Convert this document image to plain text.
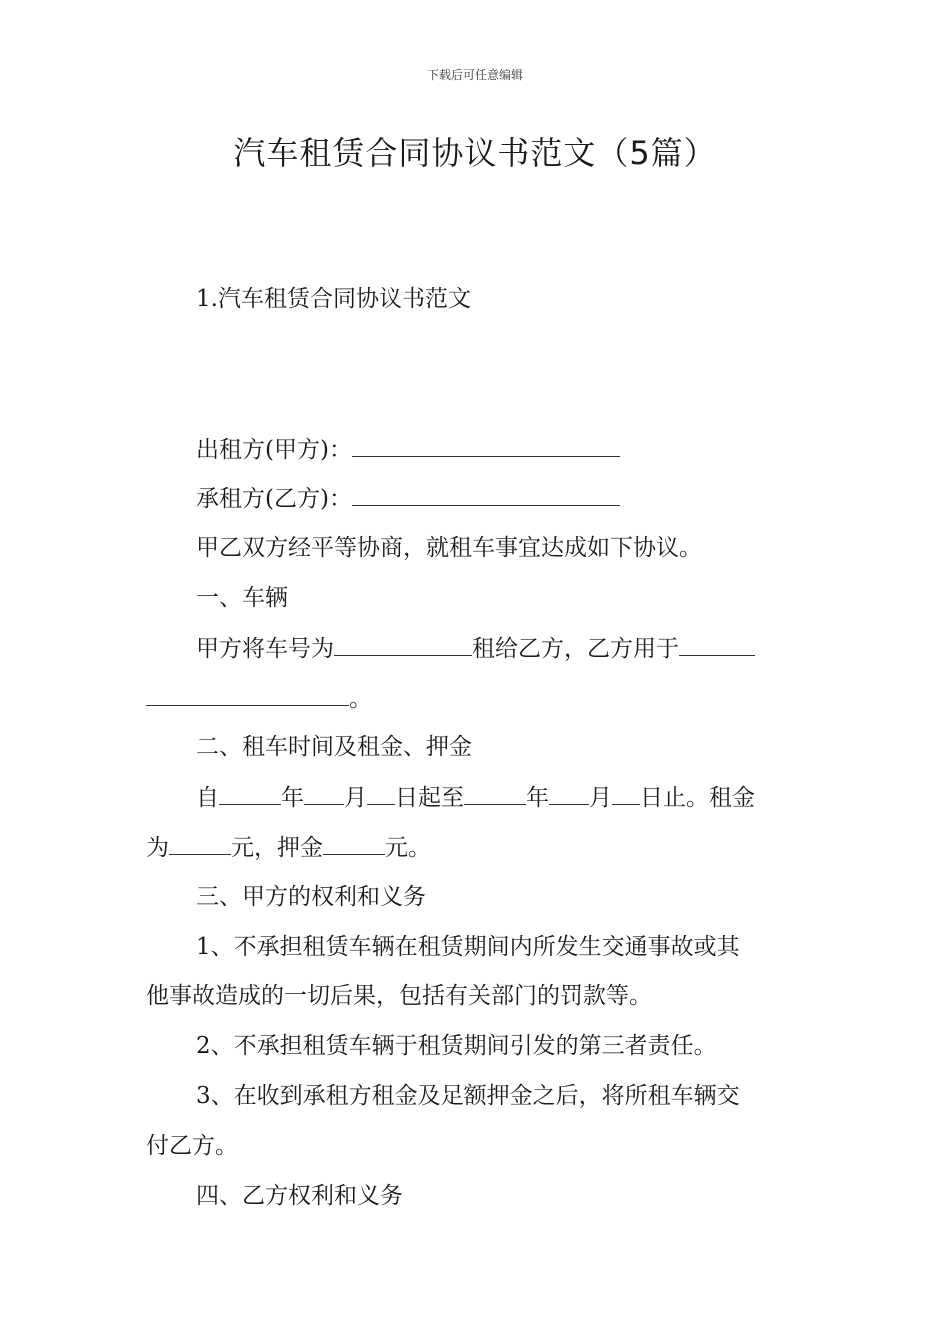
下载后可任意编辑
汽车租赁合同协议书范文（5篇）

1.汽车租赁合同协议书范文

出租方(甲方)：

承租方(乙方)：

甲乙双方经平等协商，就租车事宜达成如下协议。

一、车辆

甲方将车号为	租给乙方，乙方用于

。

二、租车时间及租金、押金

自	年 月 日起至	年 月 日止。租金

为	元，押金	元。

三、甲方的权利和义务

1、不承担租赁车辆在租赁期间内所发生交通事故或其

他事故造成的一切后果，包括有关部门的罚款等。

2、不承担租赁车辆于租赁期间引发的第三者责任。

3、在收到承租方租金及足额押金之后，将所租车辆交

付乙方。

四、乙方权利和义务
